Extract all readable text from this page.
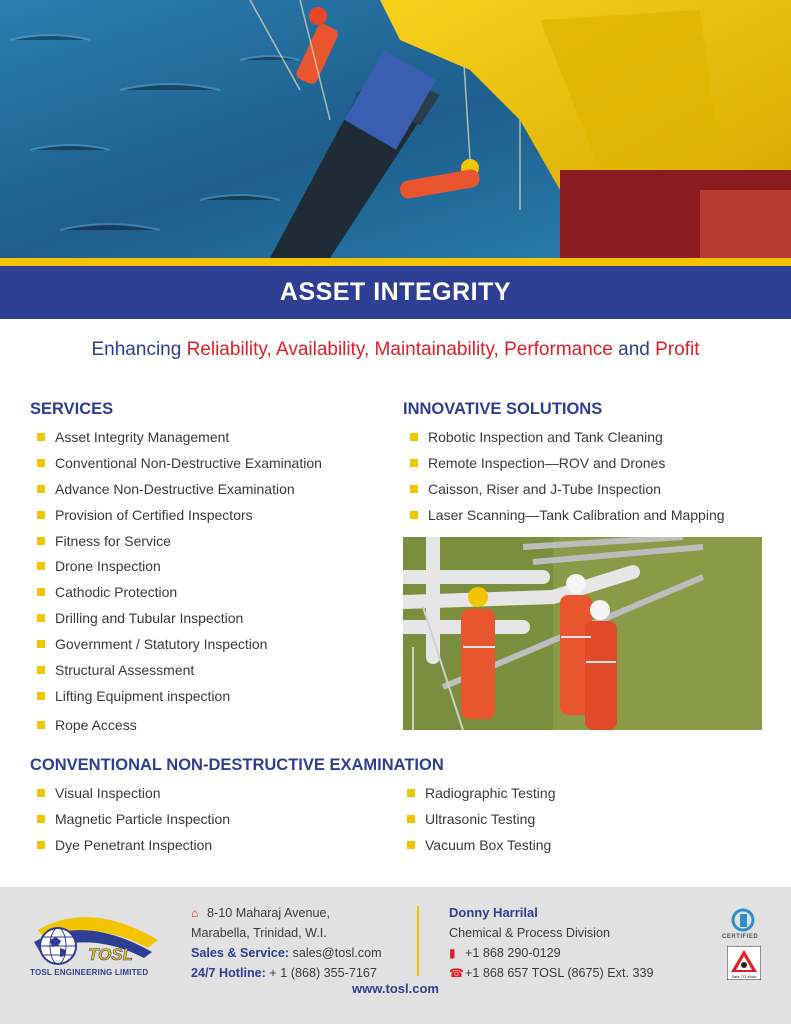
ASSET INTEGRITY
Enhancing Reliability, Availability, Maintainability, Performance and Profit
SERVICES
Asset Integrity Management
Conventional Non-Destructive Examination
Advance Non-Destructive Examination
Provision of Certified Inspectors
Fitness for Service
Drone Inspection
Cathodic Protection
Drilling and Tubular Inspection
Government / Statutory Inspection
Structural Assessment
Lifting Equipment inspection
Rope Access
INNOVATIVE SOLUTIONS
Robotic Inspection and Tank Cleaning
Remote Inspection—ROV and Drones
Caisson, Riser and J-Tube Inspection
Laser Scanning—Tank Calibration and Mapping
CONVENTIONAL NON-DESTRUCTIVE EXAMINATION
Visual Inspection
Magnetic Particle Inspection
Dye Penetrant Inspection
Radiographic Testing
Ultrasonic Testing
Vacuum Box Testing
TOSL
TOSL ENGINEERING LIMITED
⌂ 8-10 Maharaj Avenue,
Marabella, Trinidad, W.I.
Sales & Service: sales@tosl.com
24/7 Hotline: + 1 (868) 355-7167
Donny Harrilal
Chemical & Process Division
▮ +1 868 290-0129
☎+1 868 657 TOSL (8675) Ext. 339
www.tosl.com
CERTIFIED
Safe TO Work
